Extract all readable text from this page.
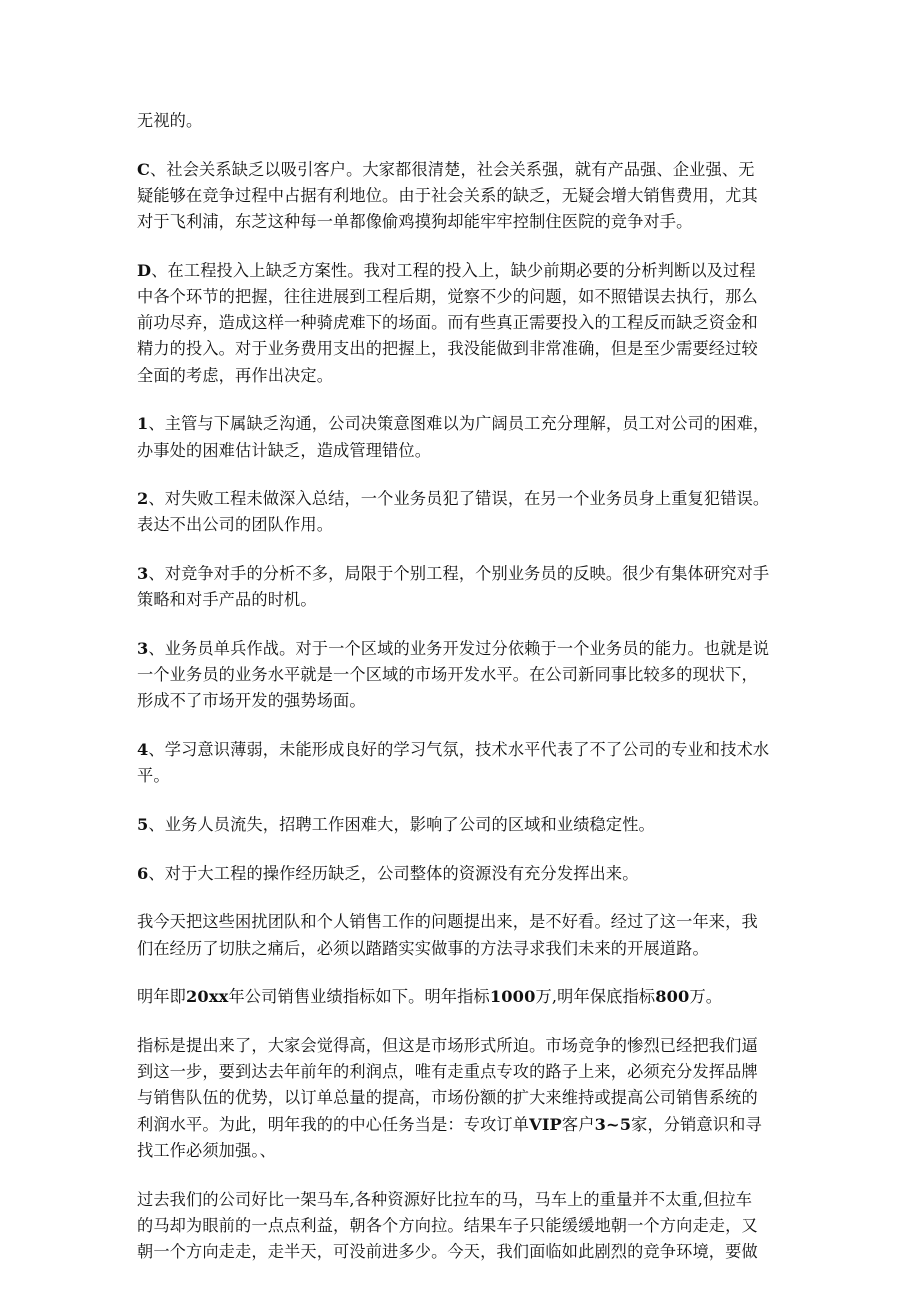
无视的。

C、社会关系缺乏以吸引客户。大家都很清楚，社会关系强，就有产品强、企业强、无
疑能够在竞争过程中占据有利地位。由于社会关系的缺乏，无疑会增大销售费用，尤其
对于飞利浦，东芝这种每一单都像偷鸡摸狗却能牢牢控制住医院的竞争对手。

D、在工程投入上缺乏方案性。我对工程的投入上，缺少前期必要的分析判断以及过程
中各个环节的把握，往往进展到工程后期，觉察不少的问题，如不照错误去执行，那么
前功尽弃，造成这样一种骑虎难下的场面。而有些真正需要投入的工程反而缺乏资金和
精力的投入。对于业务费用支出的把握上，我没能做到非常准确，但是至少需要经过较
全面的考虑，再作出决定。

1、主管与下属缺乏沟通，公司决策意图难以为广阔员工充分理解，员工对公司的困难，
办事处的困难估计缺乏，造成管理错位。

2、对失败工程未做深入总结，一个业务员犯了错误，在另一个业务员身上重复犯错误。
表达不出公司的团队作用。

3、对竞争对手的分析不多，局限于个别工程，个别业务员的反映。很少有集体研究对手
策略和对手产品的时机。

3、业务员单兵作战。对于一个区域的业务开发过分依赖于一个业务员的能力。也就是说
一个业务员的业务水平就是一个区域的市场开发水平。在公司新同事比较多的现状下，
形成不了市场开发的强势场面。

4、学习意识薄弱，未能形成良好的学习气氛，技术水平代表了不了公司的专业和技术水
平。

5、业务人员流失，招聘工作困难大，影响了公司的区域和业绩稳定性。

6、对于大工程的操作经历缺乏，公司整体的资源没有充分发挥出来。

我今天把这些困扰团队和个人销售工作的问题提出来，是不好看。经过了这一年来，我
们在经历了切肤之痛后，必须以踏踏实实做事的方法寻求我们未来的开展道路。

明年即20xx年公司销售业绩指标如下。明年指标1000万,明年保底指标800万。

指标是提出来了，大家会觉得高，但这是市场形式所迫。市场竞争的惨烈已经把我们逼
到这一步，要到达去年前年的利润点，唯有走重点专攻的路子上来，必须充分发挥品牌
与销售队伍的优势，以订单总量的提高，市场份额的扩大来维持或提高公司销售系统的
利润水平。为此，明年我的的中心任务当是：专攻订单VIP客户3~5家，分销意识和寻
找工作必须加强。、

过去我们的公司好比一架马车,各种资源好比拉车的马，马车上的重量并不太重,但拉车
的马却为眼前的一点点利益，朝各个方向拉。结果车子只能缓缓地朝一个方向走走，又
朝一个方向走走，走半天，可没前进多少。今天，我们面临如此剧烈的竞争环境，要做
